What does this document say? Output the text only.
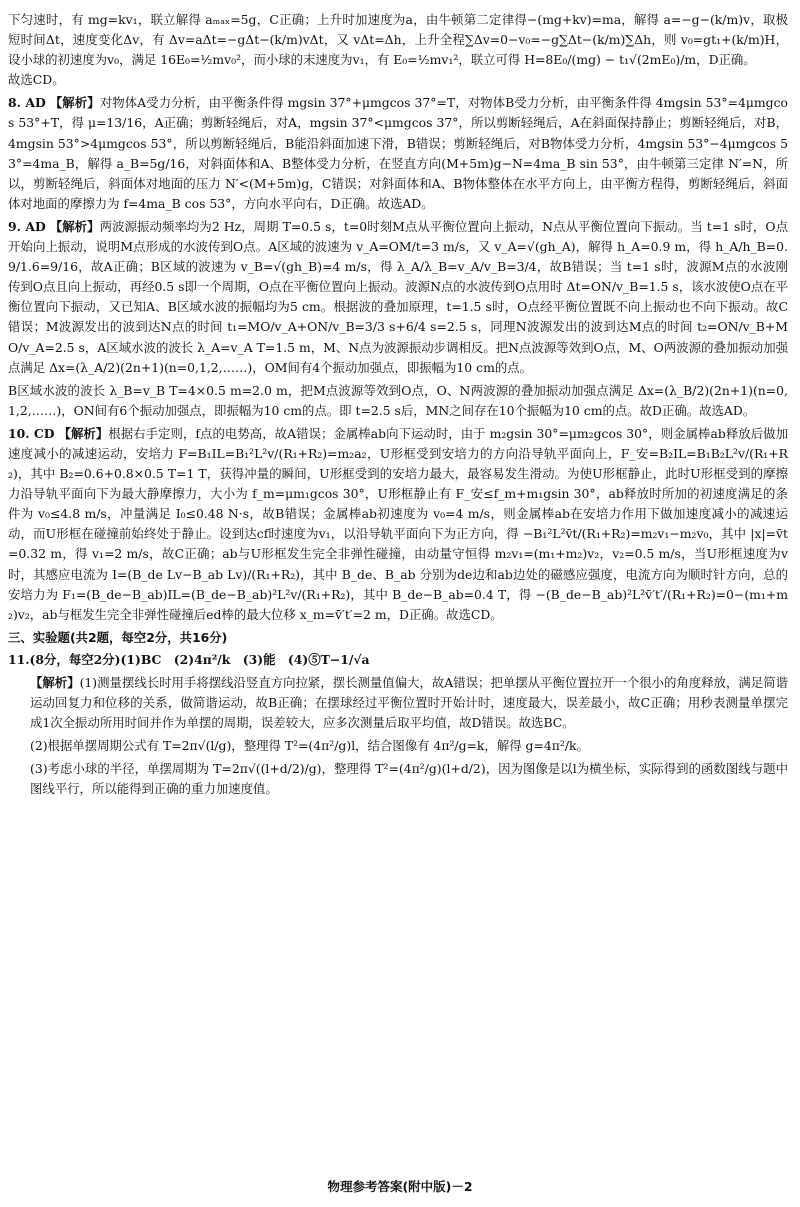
下匀速时，有 mg=kv₁，联立解得 aₘₐₓ=5g，C正确；上升时加速度为a，由牛顿第二定律得−(mg+kv)=ma，解得 a=−g−(k/m)v，取极短时间Δt，速度变化Δv，有 Δv=aΔt=−gΔt−(k/m)vΔt，又 vΔt=Δh，上升全程∑Δv=0−v₀=−g∑Δt−(k/m)∑Δh，则 v₀=gt₁+(k/m)H，设小球的初速度为v₀，满足 16E₀=½mv₀²，而小球的末速度为v₁，有 E₀=½mv₁²，联立可得 H=8E₀/(mg) − t₁√(2mE₀)/m，D正确。
故选CD。

8. AD 【解析】对物体A受力分析，由平衡条件得 mgsin 37°+μmgcos 37°=T，对物体B受力分析，由平衡条件得 4mgsin 53°=4μmgcos 53°+T，得 μ=13/16，A正确；剪断轻绳后，对A，mgsin 37°<μmgcos 37°，所以剪断轻绳后，A在斜面保持静止；剪断轻绳后，对B，4mgsin 53°>4μmgcos 53°，所以剪断轻绳后，B能沿斜面加速下滑，B错误；剪断轻绳后，对B物体受力分析，4mgsin 53°−4μmgcos 53°=4ma_B，解得 a_B=5g/16，对斜面体和A、B整体受力分析，在竖直方向(M+5m)g−N=4ma_B sin 53°，由牛顿第三定律 N′=N，所以，剪断轻绳后，斜面体对地面的压力 N′<(M+5m)g，C错误；对斜面体和A、B物体整体在水平方向上，由平衡方程得，剪断轻绳后，斜面体对地面的摩擦力为 f=4ma_B cos 53°，方向水平向右，D正确。故选AD。

9. AD 【解析】两波源振动频率均为2 Hz，周期 T=0.5 s，t=0时刻M点从平衡位置向上振动，N点从平衡位置向下振动。当 t=1 s时，O点开始向上振动，说明M点形成的水波传到O点。A区域的波速为 v_A=OM/t=3 m/s，又 v_A=√(gh_A)，解得 h_A=0.9 m，得 h_A/h_B=0.9/1.6=9/16，故A正确；B区域的波速为 v_B=√(gh_B)=4 m/s，得 λ_A/λ_B=v_A/v_B=3/4，故B错误；当 t=1 s时，波源M点的水波刚传到O点且向上振动，再经0.5 s即一个周期，O点在平衡位置向上振动。波源N点的水波传到O点用时 Δt=ON/v_B=1.5 s，该水波使O点在平衡位置向下振动，又已知A、B区域水波的振幅均为5 cm。根据波的叠加原理，t=1.5 s时，O点经平衡位置既不向上振动也不向下振动。故C错误；M波源发出的波到达N点的时间 t₁=MO/v_A+ON/v_B=3/3 s+6/4 s=2.5 s，同理N波源发出的波到达M点的时间 t₂=ON/v_B+MO/v_A=2.5 s，A区域水波的波长 λ_A=v_A T=1.5 m，M、N点为波源振动步调相反。把N点波源等效到O点，M、O两波源的叠加振动加强点满足 Δx=(λ_A/2)(2n+1)(n=0,1,2,……)，OM间有4个振动加强点，即振幅为10 cm的点。

B区域水波的波长 λ_B=v_B T=4×0.5 m=2.0 m，把M点波源等效到O点，O、N两波源的叠加振动加强点满足 Δx=(λ_B/2)(2n+1)(n=0,1,2,……)，ON间有6个振动加强点，即振幅为10 cm的点。即 t=2.5 s后，MN之间存在10个振幅为10 cm的点。故D正确。故选AD。

10. CD 【解析】根据右手定则，f点的电势高，故A错误；金属棒ab向下运动时，由于 m₂gsin 30°=μm₂gcos 30°，则金属棒ab释放后做加速度减小的减速运动，安培力 F=B₁IL=B₁²L²v/(R₁+R₂)=m₂a₂，U形框受到安培力的方向沿导轨平面向上，F_安=B₂IL=B₁B₂L²v/(R₁+R₂)，其中 B₂=0.6+0.8×0.5 T=1 T，获得冲量的瞬间，U形框受到的安培力最大，最容易发生滑动。为使U形框静止，此时U形框受到的摩擦力沿导轨平面向下为最大静摩擦力，大小为 f_m=μm₁gcos 30°，U形框静止有 F_安≤f_m+m₁gsin 30°，ab释放时所加的初速度满足的条件为 v₀≤4.8 m/s，冲量满足 I₀≤0.48 N·s，故B错误；金属棒ab初速度为 v₀=4 m/s，则金属棒ab在安培力作用下做加速度减小的减速运动，而U形框在碰撞前始终处于静止。设到达cf时速度为v₁，以沿导轨平面向下为正方向，得 −B₁²L²v̄t/(R₁+R₂)=m₂v₁−m₂v₀，其中 |x|=v̄t=0.32 m，得 v₁=2 m/s，故C正确；ab与U形框发生完全非弹性碰撞，由动量守恒得 m₂v₁=(m₁+m₂)v₂，v₂=0.5 m/s，当U形框速度为v时，其感应电流为 I=(B_de Lv−B_ab Lv)/(R₁+R₂)，其中 B_de、B_ab 分别为de边和ab边处的磁感应强度，电流方向为顺时针方向，总的安培力为 F₁=(B_de−B_ab)IL=(B_de−B_ab)²L²v/(R₁+R₂)，其中 B_de−B_ab=0.4 T，得 −(B_de−B_ab)²L²v̄′t′/(R₁+R₂)=0−(m₁+m₂)v₂，ab与框发生完全非弹性碰撞后ed棒的最大位移 x_m=v̄′t′=2 m，D正确。故选CD。

三、实验题(共2题，每空2分，共16分)

11.(8分，每空2分)(1)BC　(2)4π²/k　(3)能　(4)⑤T−1/√a

【解析】(1)测量摆线长时用手将摆线沿竖直方向拉紧，摆长测量值偏大，故A错误；把单摆从平衡位置拉开一个很小的角度释放，满足简谐运动回复力和位移的关系，做简谐运动，故B正确；在摆球经过平衡位置时开始计时，速度最大，误差最小，故C正确；用秒表测量单摆完成1次全振动所用时间并作为单摆的周期，误差较大，应多次测量后取平均值，故D错误。故选BC。

(2)根据单摆周期公式有 T=2π√(l/g)，整理得 T²=(4π²/g)l，结合图像有 4π²/g=k，解得 g=4π²/k。

(3)考虑小球的半径，单摆周期为 T=2π√((l+d/2)/g)，整理得 T²=(4π²/g)(l+d/2)，因为图像是以l为横坐标，实际得到的函数图线与题中图线平行，所以能得到正确的重力加速度值。

物理参考答案(附中版)－2
